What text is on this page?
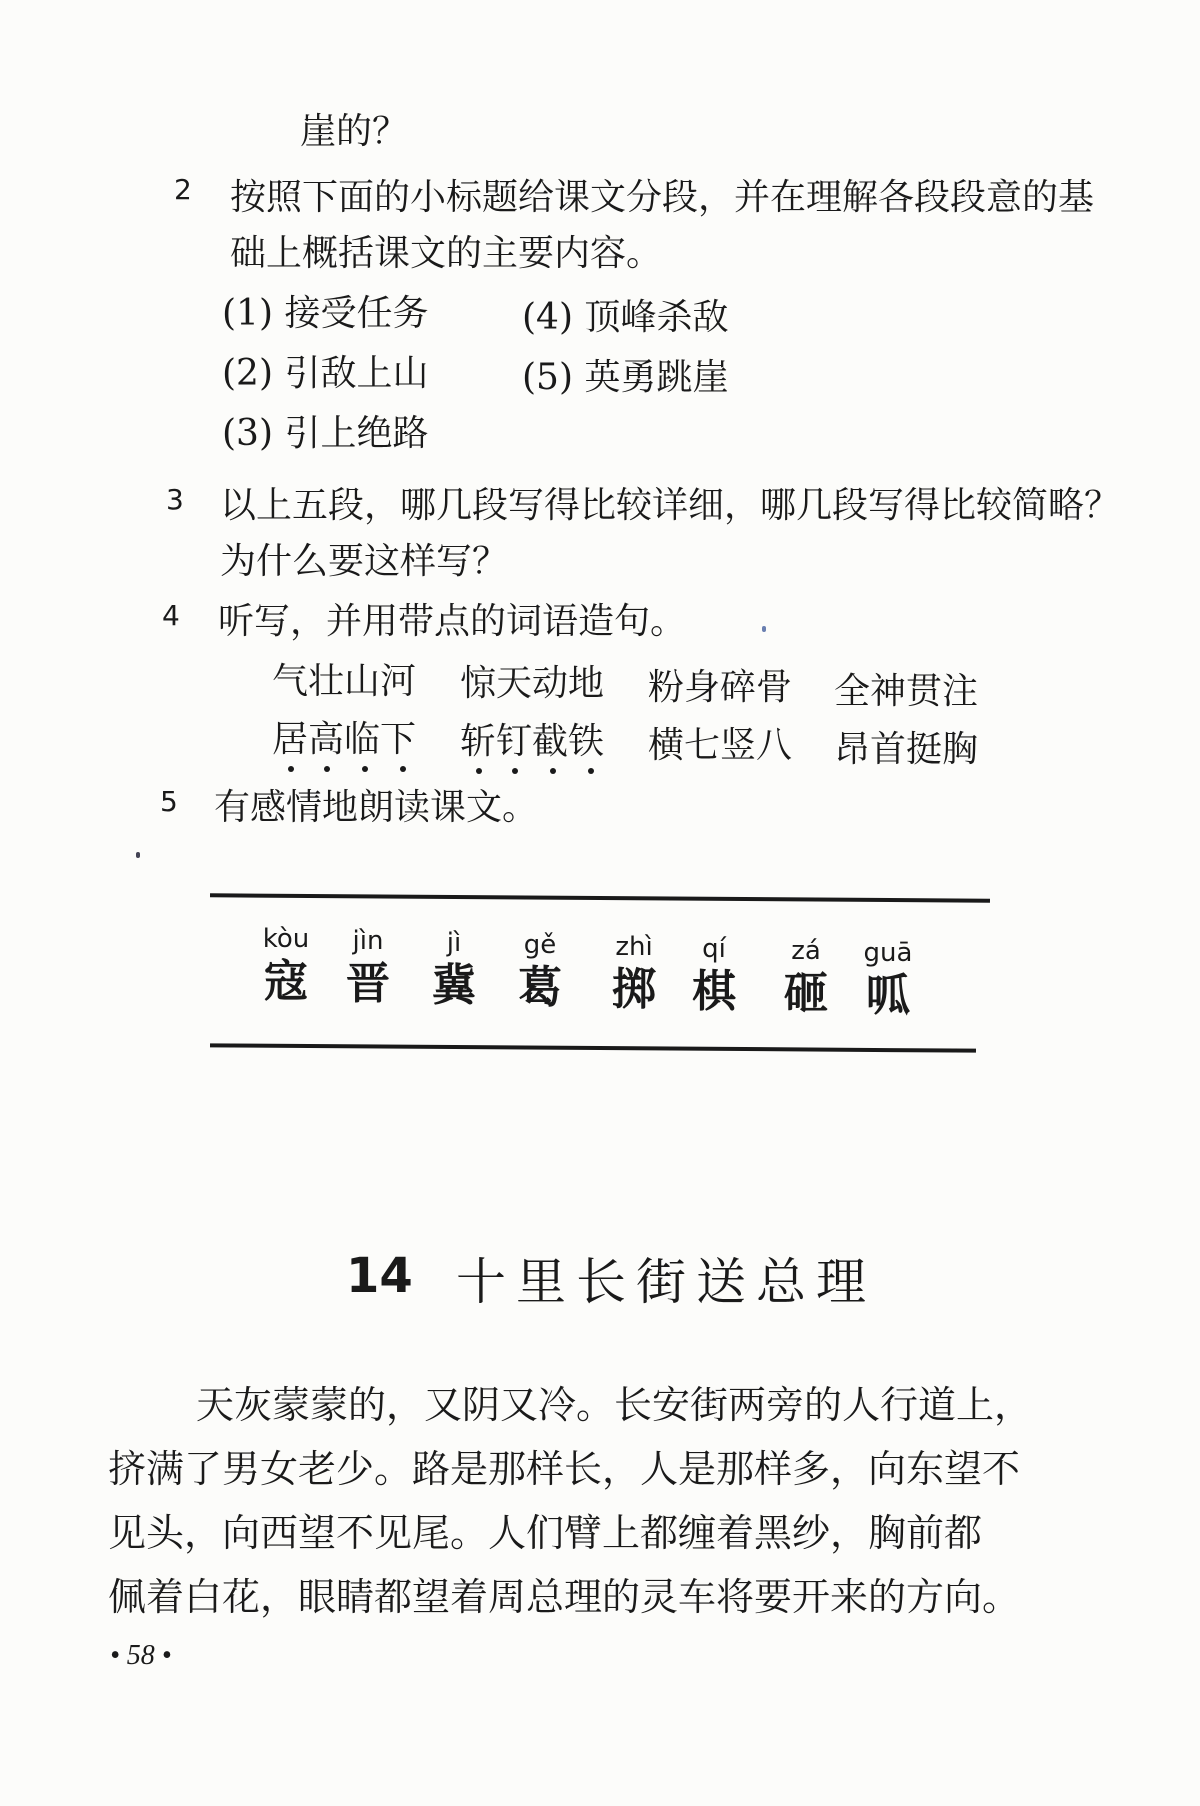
崖的？
2 按照下面的小标题给课文分段，并在理解各段段意的基
础上概括课文的主要内容。
(1) 接受任务
(2) 引敌上山
(3) 引上绝路
(4) 顶峰杀敌
(5) 英勇跳崖
3 以上五段，哪几段写得比较详细，哪几段写得比较简略？
为什么要这样写？
4 听写，并用带点的词语造句。
气壮山河 惊天动地 粉身碎骨 全神贯注
居高临下 斩钉截铁 横七竖八 昂首挺胸
5 有感情地朗读课文。
kòu
寇
jìn
晋
jì
冀
gě
葛
zhì
掷
qí
棋
zá
砸
guā
呱
14 十里长街送总理
天灰蒙蒙的，又阴又冷。长安街两旁的人行道上，
挤满了男女老少。路是那样长，人是那样多，向东望不
见头，向西望不见尾。人们臂上都缠着黑纱，胸前都
佩着白花，眼睛都望着周总理的灵车将要开来的方向。
• 58 •
